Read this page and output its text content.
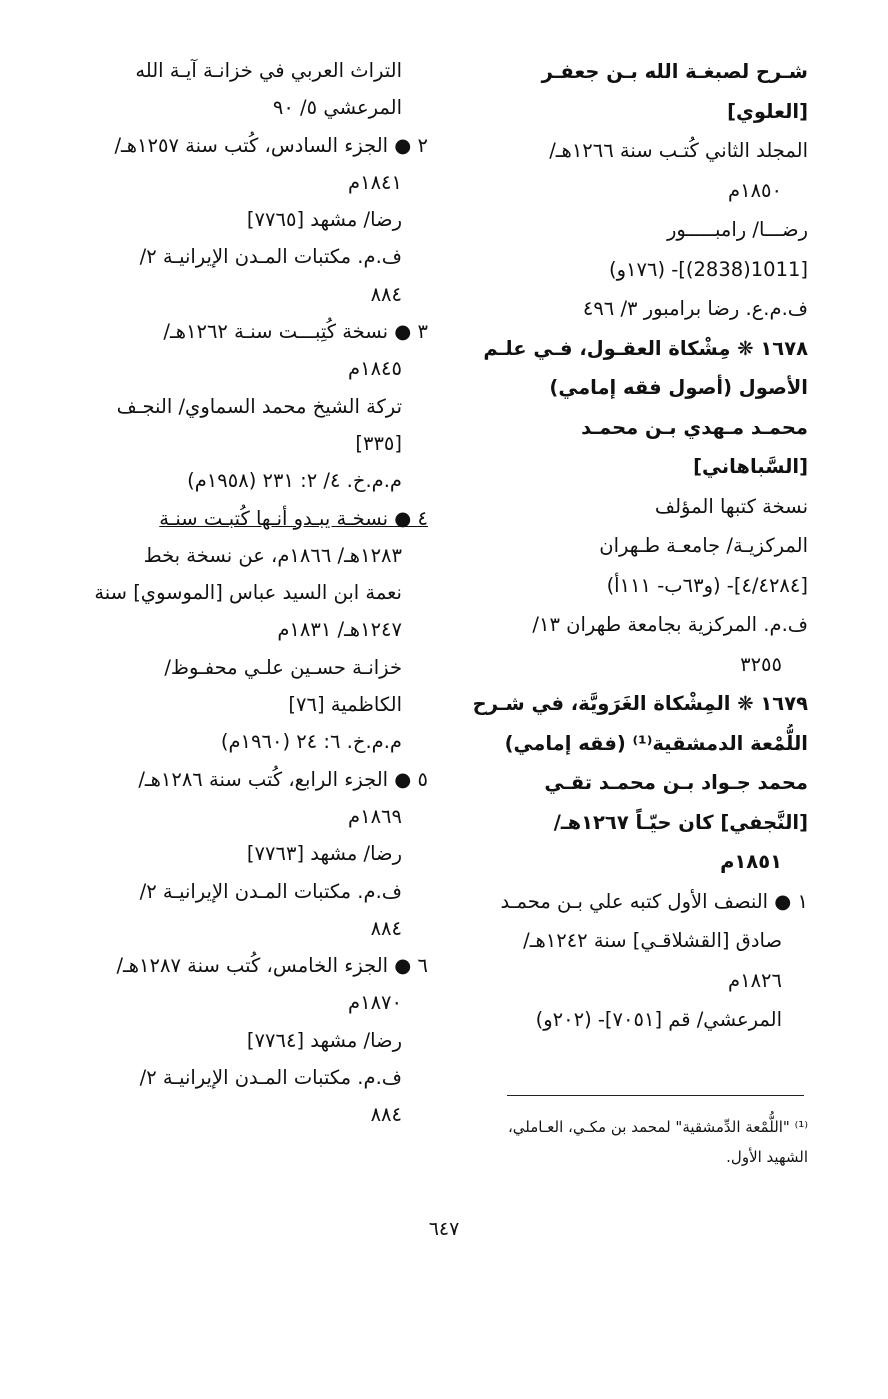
شـرح لصبغـة الله بـن جعفـر
[العلوي]
المجلد الثاني كُتـب سنة ١٢٦٦هـ/
١٨٥٠م
رضـــا/ رامبـــــور
[1011(2838)]- (١٧٦و)
ف.م.ع. رضا برامبور ٣/ ٤٩٦
١٦٧٨ ❋ مِشْكاة العقـول، فـي علـم
الأصول (أصول فقه إمامي)
محمـد مـهدي بـن محمـد
[السَّباهاني]
نسخة كتبها المؤلف
المركزيـة/ جامعـة طـهران
[٤/٤٢٨٤]- (و٦٣ب- ١١١أ)
ف.م. المركزية بجامعة طهران ١٣/
٣٢٥٥
١٦٧٩ ❋ المِشْكاة الغَرَويَّة، في شـرح
اللُّمْعة الدمشقية⁽¹⁾ (فقه إمامي)
محمد جـواد بـن محمـد تقـي
[النَّجفي] كان حيّـاً ١٢٦٧هـ/
١٨٥١م
١ ● النصف الأول كتبه علي بـن محمـد
صادق [القشلاقـي] سنة ١٢٤٢هـ/
١٨٢٦م
المرعشي/ قم [٧٠٥١]- (٢٠٢و)
التراث العربي في خزانـة آيـة الله
المرعشي ٥/ ٩٠
٢ ● الجزء السادس، كُتب سنة ١٢٥٧هـ/
١٨٤١م
رضا/ مشهد [٧٧٦٥]
ف.م. مكتبات المـدن الإيرانيـة ٢/
٨٨٤
٣ ● نسخة كُتِبـــت سنـة ١٢٦٢هـ/
١٨٤٥م
تركة الشيخ محمد السماوي/ النجـف
[٣٣٥]
م.م.خ. ٤/ ٢: ٢٣١ (١٩٥٨م)
٤ ● نسخـة يبـدو أنـها كُتبـت سنـة
١٢٨٣هـ/ ١٨٦٦م، عن نسخة بخط
نعمة ابن السيد عباس [الموسوي] سنة
١٢٤٧هـ/ ١٨٣١م
خزانـة حسـين علـي محفـوظ/
الكاظمية [٧٦]
م.م.خ. ٦: ٢٤ (١٩٦٠م)
٥ ● الجزء الرابع، كُتب سنة ١٢٨٦هـ/
١٨٦٩م
رضا/ مشهد [٧٧٦٣]
ف.م. مكتبات المـدن الإيرانيـة ٢/
٨٨٤
٦ ● الجزء الخامس، كُتب سنة ١٢٨٧هـ/
١٨٧٠م
رضا/ مشهد [٧٧٦٤]
ف.م. مكتبات المـدن الإيرانيـة ٢/
٨٨٤
⁽¹⁾ "اللُّمْعة الدِّمشقية" لمحمد بن مكـي، العـاملي،
الشهيد الأول.
٦٤٧
